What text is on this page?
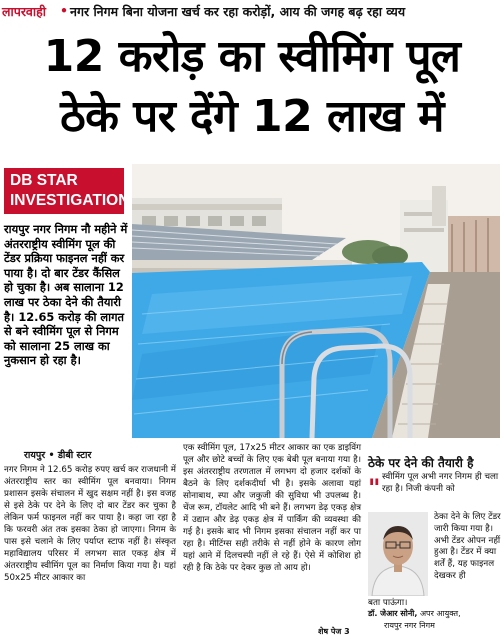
लापरवाही • नगर निगम बिना योजना खर्च कर रहा करोड़ों, आय की जगह बढ़ रहा व्यय
12 करोड़ का स्वीमिंग पूल
ठेके पर देंगे 12 लाख में
DB STAR
INVESTIGATION
रायपुर नगर निगम नौ महीने में अंतरराष्ट्रीय स्वीमिंग पूल की टेंडर प्रक्रिया फाइनल नहीं कर पाया है। दो बार टेंडर कैंसिल हो चुका है। अब सालाना 12 लाख पर ठेका देने की तैयारी है। 12.65 करोड़ की लागत से बने स्वीमिंग पूल से निगम को सालाना 25 लाख का नुकसान हो रहा है।
रायपुर • डीबी स्टार
नगर निगम ने 12.65 करोड़ रुपए खर्च कर राजधानी में अंतरराष्ट्रीय स्तर का स्वीमिंग पूल बनवाया। निगम प्रशासन इसके संचालन में खुद सक्षम नहीं है। इस वजह से इसे ठेके पर देने के लिए दो बार टेंडर कर चुका है लेकिन फर्म फाइनल नहीं कर पाया है। कहा जा रहा है कि फरवरी अंत तक इसका ठेका हो जाएगा। निगम के पास इसे चलाने के लिए पर्याप्त स्टाफ नहीं है। संस्कृत महाविद्यालय परिसर में लगभग सात एकड़ क्षेत्र में अंतरराष्ट्रीय स्वीमिंग पूल का निर्माण किया गया है। यहां 50x25 मीटर आकार का
एक स्वीमिंग पूल, 17x25 मीटर आकार का एक डाइविंग पूल और छोटे बच्चों के लिए एक बेबी पूल बनाया गया है। इस अंतरराष्ट्रीय तरणताल में लगभग दो हजार दर्शकों के बैठने के लिए दर्शकदीर्घा भी है। इसके अलावा यहां सोनाबाथ, स्पा और जकुजी की सुविधा भी उपलब्ध है। चेंज रूम, टॉयलेट आदि भी बने हैं। लगभग डेढ़ एकड़ क्षेत्र में उद्यान और डेढ़ एकड़ क्षेत्र में पार्किंग की व्यवस्था की गई है। इसके बाद भी निगम इसका संचालन नहीं कर पा रहा है। मीटिंग्स सही तरीके से नहीं होने के कारण लोग यहां आने में दिलचस्पी नहीं ले रहे हैं। ऐसे में कोशिश हो रही है कि ठेके पर देकर कुछ तो आय हो।
शेष पेज 3
ठेके पर देने की तैयारी है
" स्वीमिंग पूल अभी नगर निगम ही चला रहा है। निजी कंपनी को
ठेका देने के लिए टेंडर जारी किया गया है। अभी टेंडर ओपन नहीं हुआ है। टेंडर में क्या शर्तें हैं, यह फाइनल देखकर ही
बता पाऊंगा।
डॉ. जेआर सोनी, अपर आयुक्त,
रायपुर नगर निगम
